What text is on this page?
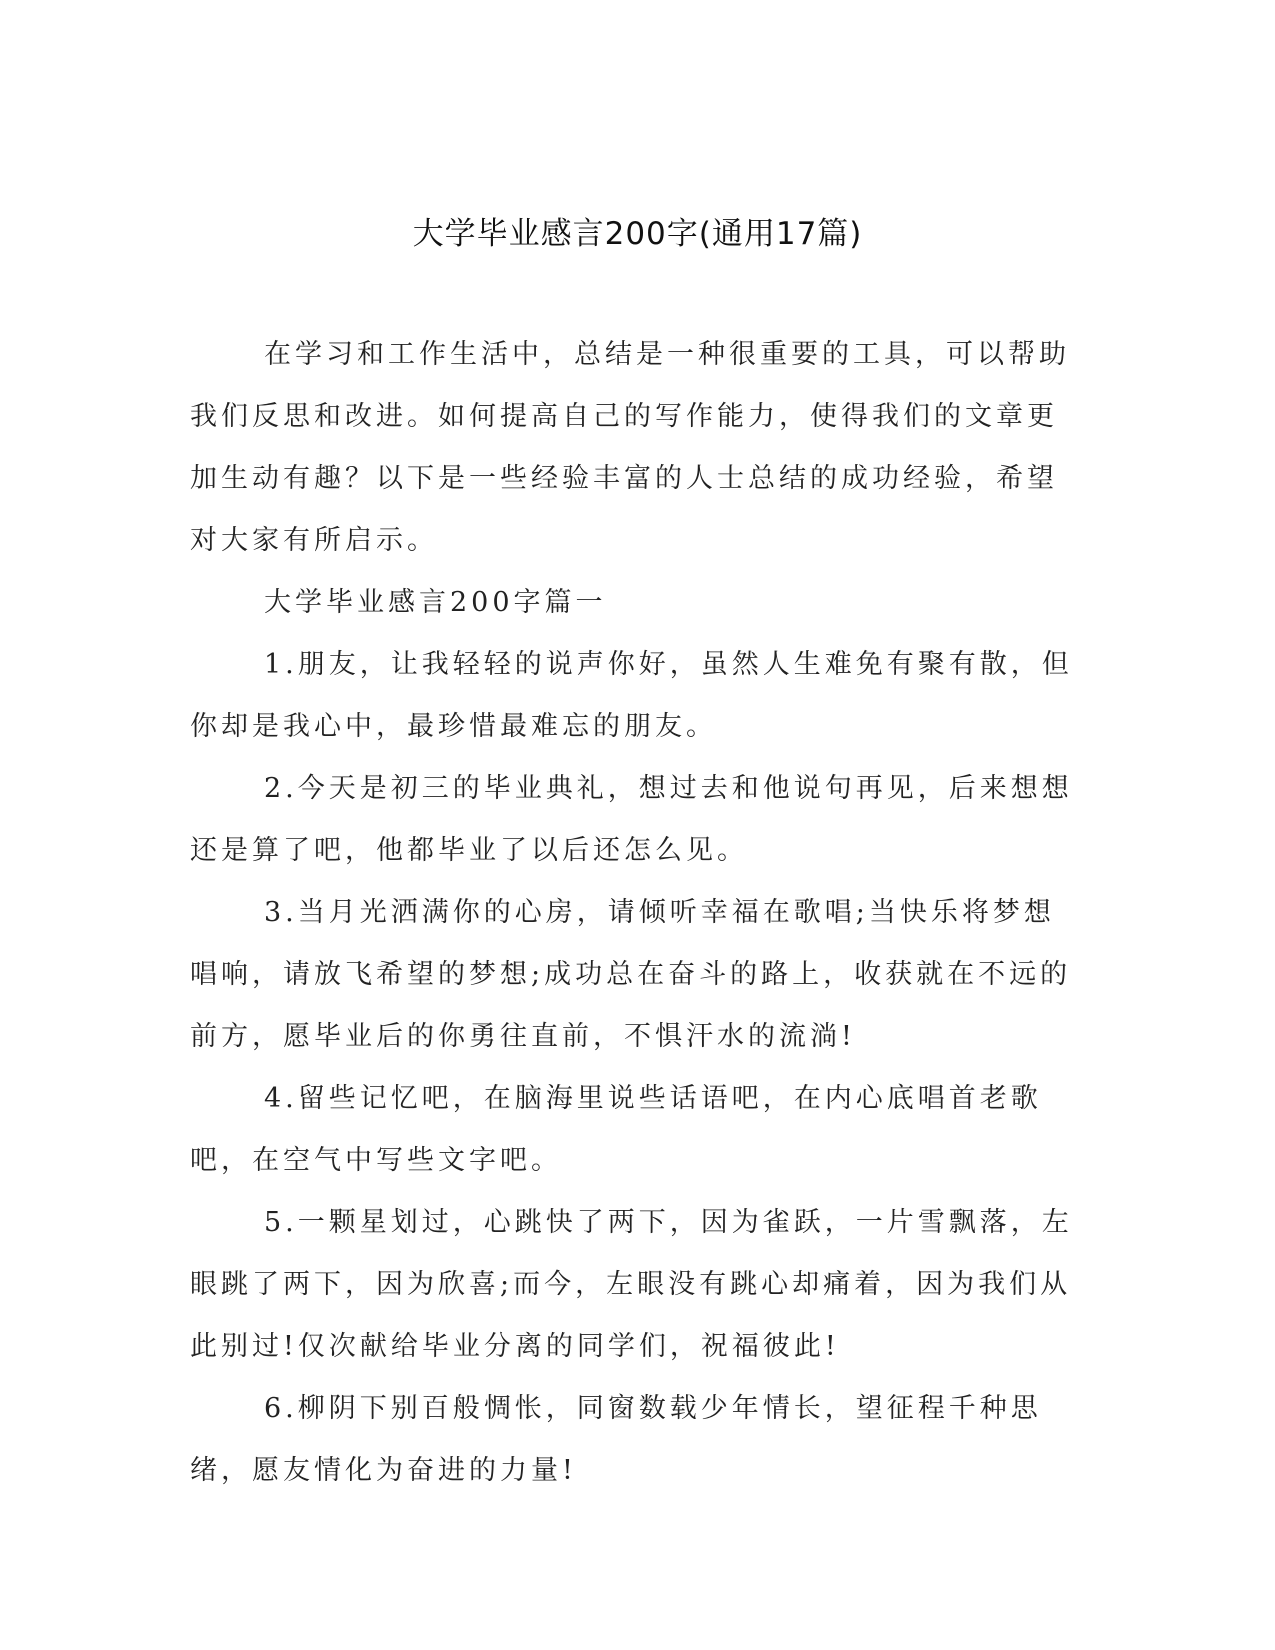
大学毕业感言200字(通用17篇)

在学习和工作生活中，总结是一种很重要的工具，可以帮助我们反思和改进。如何提高自己的写作能力，使得我们的文章更加生动有趣？以下是一些经验丰富的人士总结的成功经验，希望对大家有所启示。

大学毕业感言200字篇一

1.朋友，让我轻轻的说声你好，虽然人生难免有聚有散，但你却是我心中，最珍惜最难忘的朋友。

2.今天是初三的毕业典礼，想过去和他说句再见，后来想想还是算了吧，他都毕业了以后还怎么见。

3.当月光洒满你的心房，请倾听幸福在歌唱;当快乐将梦想唱响，请放飞希望的梦想;成功总在奋斗的路上，收获就在不远的前方，愿毕业后的你勇往直前，不惧汗水的流淌!

4.留些记忆吧，在脑海里说些话语吧，在内心底唱首老歌吧，在空气中写些文字吧。

5.一颗星划过，心跳快了两下，因为雀跃，一片雪飘落，左眼跳了两下，因为欣喜;而今，左眼没有跳心却痛着，因为我们从此别过!仅次献给毕业分离的同学们，祝福彼此!

6.柳阴下别百般惆怅，同窗数载少年情长，望征程千种思绪，愿友情化为奋进的力量!
